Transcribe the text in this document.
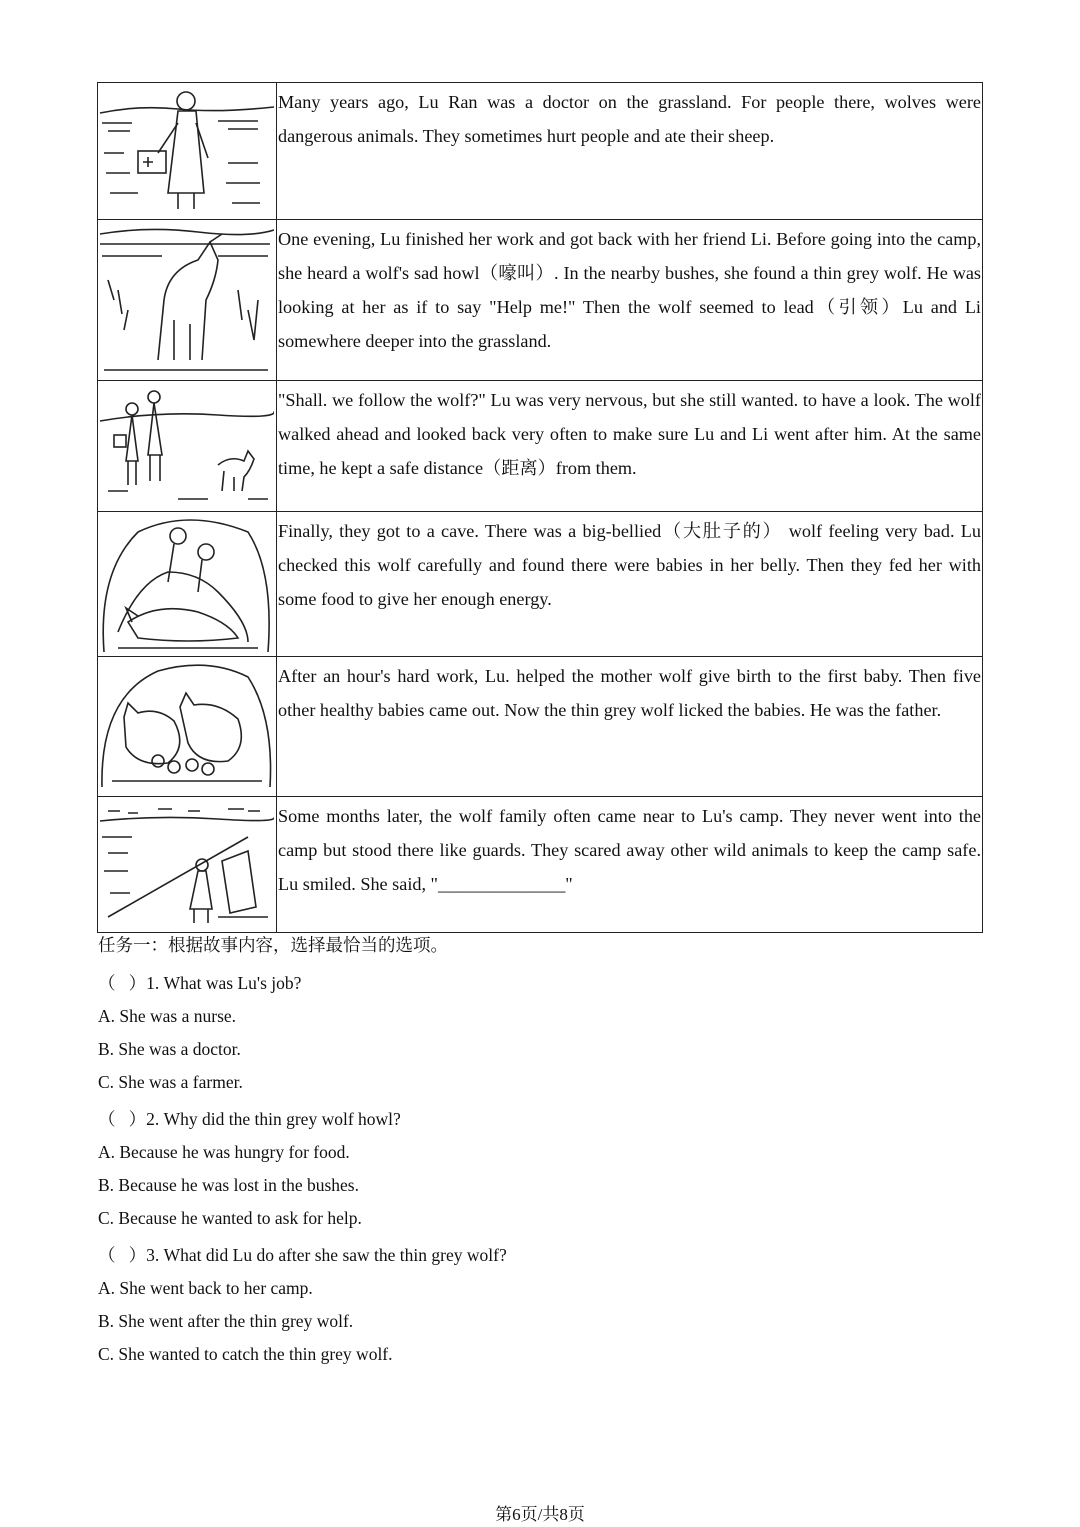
	Many years ago, Lu Ran was a doctor on the grassland. For people there, wolves were dangerous animals. They sometimes hurt people and ate their sheep.

	One evening, Lu finished her work and got back with her friend Li. Before going into the camp, she heard a wolf's sad howl（嚎叫）. In the nearby bushes, she found a thin grey wolf. He was looking at her as if to say "Help me!" Then the wolf seemed to lead（引领）Lu and Li somewhere deeper into the grassland.

	"Shall. we follow the wolf?" Lu was very nervous, but she still wanted. to have a look. The wolf walked ahead and looked back very often to make sure Lu and Li went after him. At the same time, he kept a safe distance（距离）from them.

	Finally, they got to a cave. There was a big-bellied（大肚子的） wolf feeling very bad. Lu checked this wolf carefully and found there were babies in her belly. Then they fed her with some food to give her enough energy.

	After an hour's hard work, Lu. helped the mother wolf give birth to the first baby. Then five other healthy babies came out. Now the thin grey wolf licked the babies. He was the father.

	Some months later, the wolf family often came near to Lu's camp. They never went into the camp but stood there like guards. They scared away other wild animals to keep the camp safe. Lu smiled. She said, "______________"
任务一：根据故事内容，选择最恰当的选项。
（   ）1. What was Lu's job?
A. She was a nurse.
B. She was a doctor.
C. She was a farmer.
（   ）2. Why did the thin grey wolf howl?
A. Because he was hungry for food.
B. Because he was lost in the bushes.
C. Because he wanted to ask for help.
（   ）3. What did Lu do after she saw the thin grey wolf?
A. She went back to her camp.
B. She went after the thin grey wolf.
C. She wanted to catch the thin grey wolf.
第6页/共8页
